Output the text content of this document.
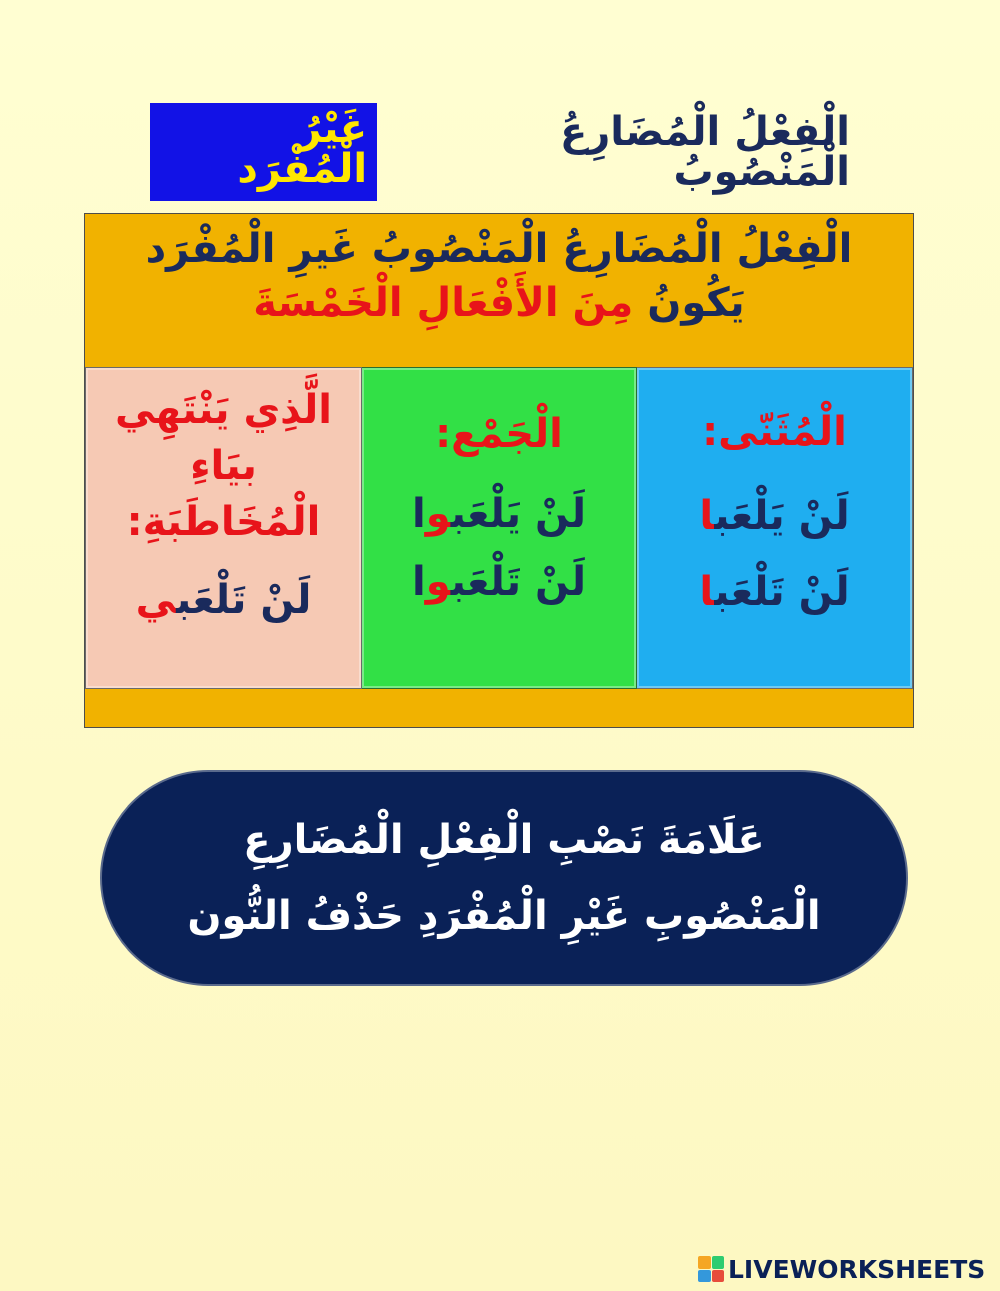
الْفِعْلُ الْمُضَارِعُ الْمَنْصُوبُ
غَيْرُ الْمُفْرَد
الْفِعْلُ الْمُضَارِعُ الْمَنْصُوبُ غَيرِ الْمُفْرَد
يَكُونُ مِنَ الأَفْعَالِ الْخَمْسَةَ
الْمُثَنّى:
لَنْ يَلْعَبا
لَنْ تَلْعَبا
الْجَمْع:
لَنْ يَلْعَبوا
لَنْ تَلْعَبوا
الَّذِي يَنْتَهِي
بيَاءِ
الْمُخَاطَبَةِ:
لَنْ تَلْعَبي
عَلَامَةَ نَصْبِ الْفِعْلِ الْمُضَارِعِ
الْمَنْصُوبِ غَيْرِ الْمُفْرَدِ حَذْفُ النُّون
LIVEWORKSHEETS
